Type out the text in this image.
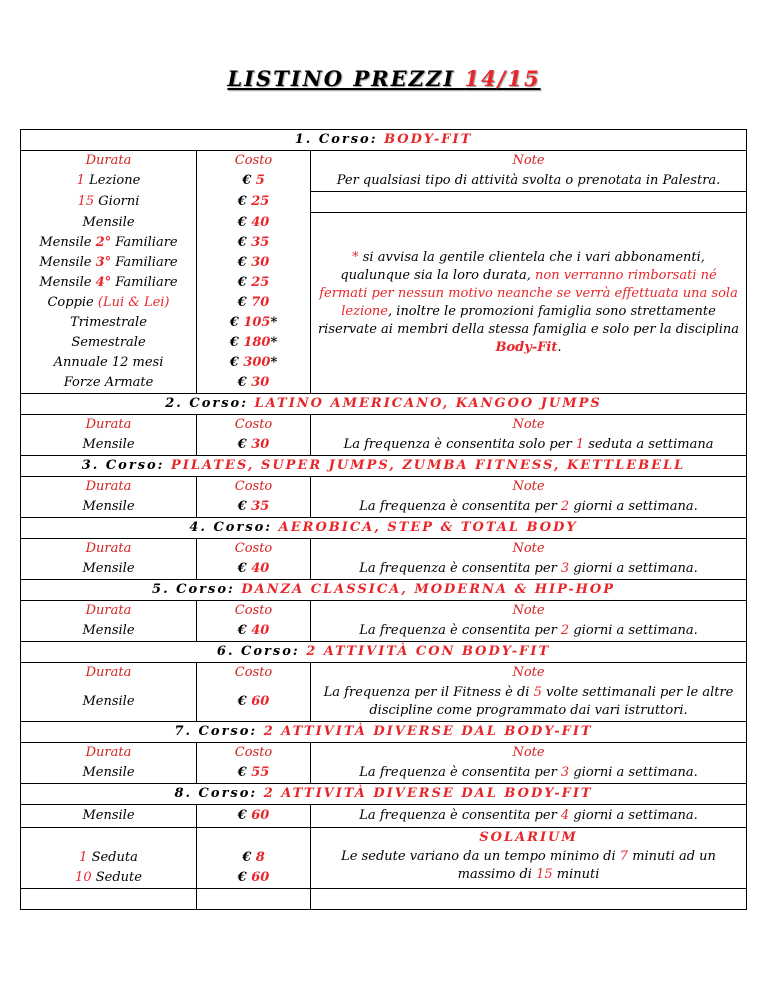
LISTINO PREZZI 14/15
1. Corso: BODY-FIT		
Durata	Costo	Note
1 Lezione	€ 5	Per qualsiasi tipo di attività svolta o prenotata in Palestra.
15 Giorni	€ 25	
Mensile	€ 40	* si avvisa la gentile clientela che i vari abbonamenti, qualunque sia la loro durata, non verranno rimborsati né fermati per nessun motivo neanche se verrà effettuata una sola lezione, inoltre le promozioni famiglia sono strettamente riservate ai membri della stessa famiglia e solo per la disciplina Body-Fit.
Mensile 2° Familiare	€ 35	
Mensile 3° Familiare	€ 30	
Mensile 4° Familiare	€ 25	
Coppie (Lui & Lei)	€ 70	
Trimestrale	€ 105*	
Semestrale	€ 180*	
Annuale 12 mesi	€ 300*	
Forze Armate	€ 30	
2. Corso: LATINO AMERICANO, KANGOO JUMPS		
Durata	Costo	Note
Mensile	€ 30	La frequenza è consentita solo per 1 seduta a settimana
3. Corso: PILATES, SUPER JUMPS, ZUMBA FITNESS, KETTLEBELL		
Durata	Costo	Note
Mensile	€ 35	La frequenza è consentita per 2 giorni a settimana.
4. Corso: AEROBICA, STEP & TOTAL BODY		
Durata	Costo	Note
Mensile	€ 40	La frequenza è consentita per 3 giorni a settimana.
5. Corso: DANZA CLASSICA, MODERNA & HIP-HOP		
Durata	Costo	Note
Mensile	€ 40	La frequenza è consentita per 2 giorni a settimana.
6. Corso: 2 ATTIVITÀ CON BODY-FIT		
Durata	Costo	Note
Mensile	€ 60	La frequenza per il Fitness è di 5 volte settimanali per le altre discipline come programmato dai vari istruttori.
7. Corso: 2 ATTIVITÀ DIVERSE DAL BODY-FIT		
Durata	Costo	Note
Mensile	€ 55	La frequenza è consentita per 3 giorni a settimana.
8. Corso: 2 ATTIVITÀ DIVERSE DAL BODY-FIT		
Mensile	€ 60	La frequenza è consentita per 4 giorni a settimana.
		SOLARIUM
1 Seduta	€ 8	Le sedute variano da un tempo minimo di 7 minuti ad un massimo di 15 minuti
10 Sedute	€ 60	
